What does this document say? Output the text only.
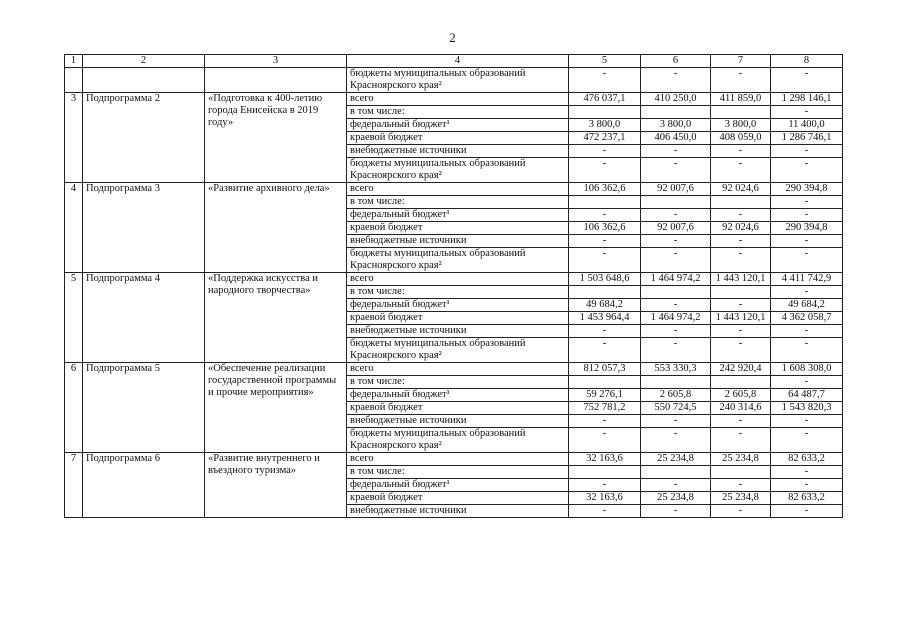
2
1	2	3	4	5	6	7	8
			бюджеты муниципальных образований Красноярского края²	-	-	-	-
3	Подпрограмма 2	«Подготовка к 400-летию города Енисейска в 2019 году»	всего	476 037,1	410 250,0	411 859,0	1 298 146,1
			в том числе:				-
			федеральный бюджет¹	3 800,0	3 800,0	3 800,0	11 400,0
			краевой бюджет	472 237,1	406 450,0	408 059,0	1 286 746,1
			внебюджетные источники	-	-	-	-
			бюджеты муниципальных образований Красноярского края²	-	-	-	-
4	Подпрограмма 3	«Развитие архивного дела»	всего	106 362,6	92 007,6	92 024,6	290 394,8
			в том числе:				-
			федеральный бюджет¹	-	-	-	-
			краевой бюджет	106 362,6	92 007,6	92 024,6	290 394,8
			внебюджетные источники	-	-	-	-
			бюджеты муниципальных образований Красноярского края²	-	-	-	-
5	Подпрограмма 4	«Поддержка искусства и народного творчества»	всего	1 503 648,6	1 464 974,2	1 443 120,1	4 411 742,9
			в том числе:				-
			федеральный бюджет¹	49 684,2	-	-	49 684,2
			краевой бюджет	1 453 964,4	1 464 974,2	1 443 120,1	4 362 058,7
			внебюджетные источники	-	-	-	-
			бюджеты муниципальных образований Красноярского края²	-	-	-	-
6	Подпрограмма 5	«Обеспечение реализации государственной программы и прочие мероприятия»	всего	812 057,3	553 330,3	242 920,4	1 608 308,0
			в том числе:				-
			федеральный бюджет¹	59 276,1	2 605,8	2 605,8	64 487,7
			краевой бюджет	752 781,2	550 724,5	240 314,6	1 543 820,3
			внебюджетные источники	-	-	-	-
			бюджеты муниципальных образований Красноярского края²	-	-	-	-
7	Подпрограмма 6	«Развитие внутреннего и въездного туризма»	всего	32 163,6	25 234,8	25 234,8	82 633,2
			в том числе:				-
			федеральный бюджет¹	-	-	-	-
			краевой бюджет	32 163,6	25 234,8	25 234,8	82 633,2
			внебюджетные источники	-	-	-	-
